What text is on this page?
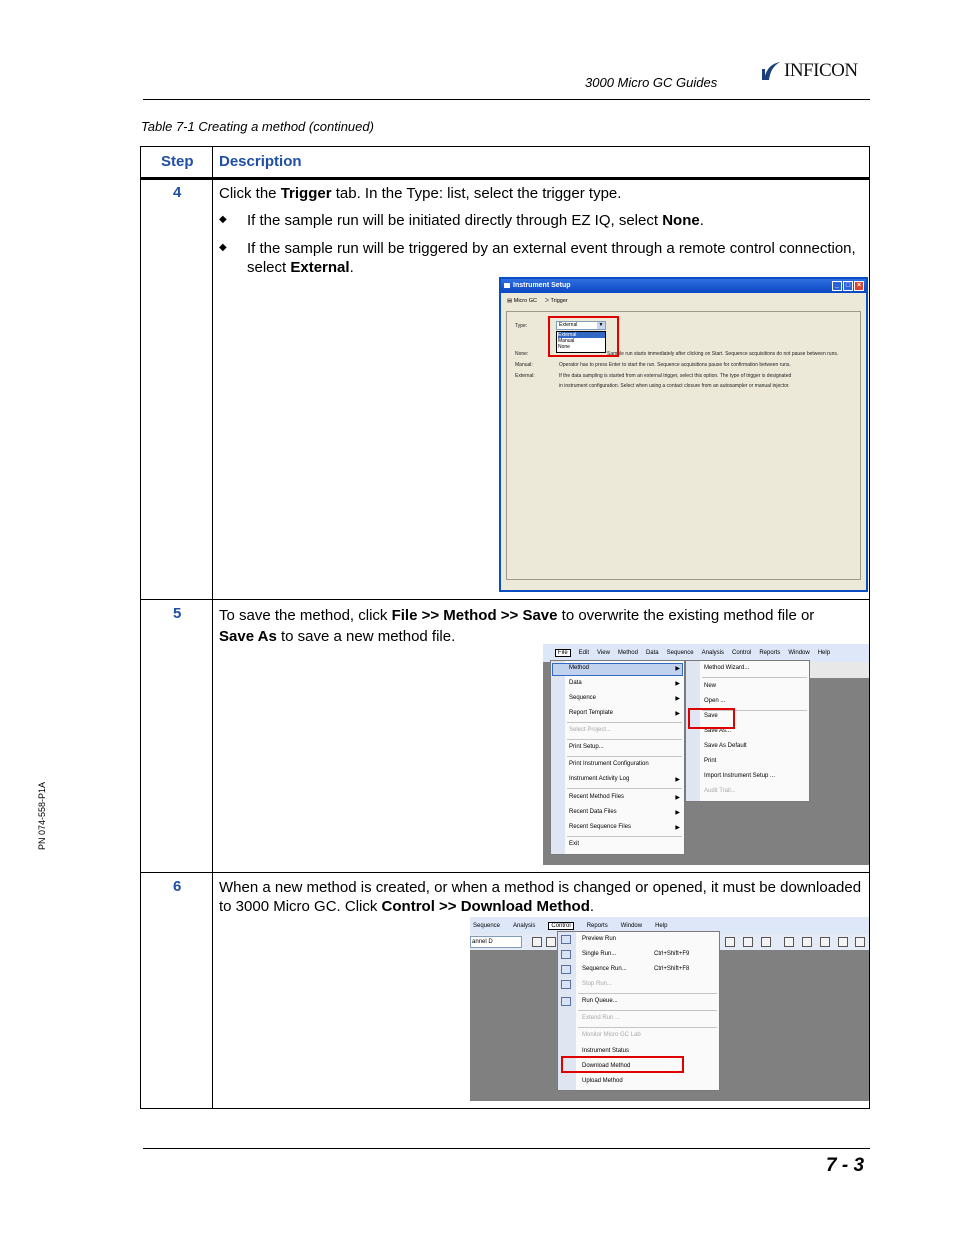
3000 Micro GC Guides
INFICON
Table 7-1 Creating a method (continued)
Step Description
4	Click the Trigger tab. In the Type: list, select the trigger type.
◆ If the sample run will be initiated directly through EZ IQ, select None.
◆ If the sample run will be triggered by an external event through a remote control connection,
select External.
5	To save the method, click File >> Method >> Save to overwrite the existing method file or
Save As to save a new method file.
6	When a new method is created, or when a method is changed or opened, it must be downloaded
to 3000 Micro GC. Click Control >> Download Method.
Instrument Setup	_ □ ×
▤ Micro GC ᐳ Trigger
Type:	External	▼
External
Manual
None
None:	Sample run starts immediately after clicking on Start. Sequence acquisitions do not pause between runs.
Manual:	Operator has to press Enter to start the run. Sequence acquisitions pause for confirmation between runs.
External:	If the data sampling is started from an external trigger, select this option. The type of trigger is designated
in instrument configuration. Select when using a contact closure from an autosampler or manual injector.
File	Edit View Method Data Sequence Analysis Control Reports Window Help
Method	▶
Data	▶
Sequence	▶
Report Template	▶
Select Project...
Print Setup...
Print Instrument Configuration
Instrument Activity Log	▶
Recent Method Files	▶
Recent Data Files	▶
Recent Sequence Files	▶
Exit
Method Wizard...
New
Open ...
Save
Save As...
Save As Default
Print
Import Instrument Setup ...
Audit Trail...
Sequence Analysis	Control	Reports Window Help
annel D	Preview Run
Single Run...	Ctrl+Shift+F9
Sequence Run...	Ctrl+Shift+F8
Stop Run...
Run Queue...
Extend Run ...
Monitor Micro GC Lab
Instrument Status
Download Method
Upload Method
PN 074-558-P1A
7 - 3
